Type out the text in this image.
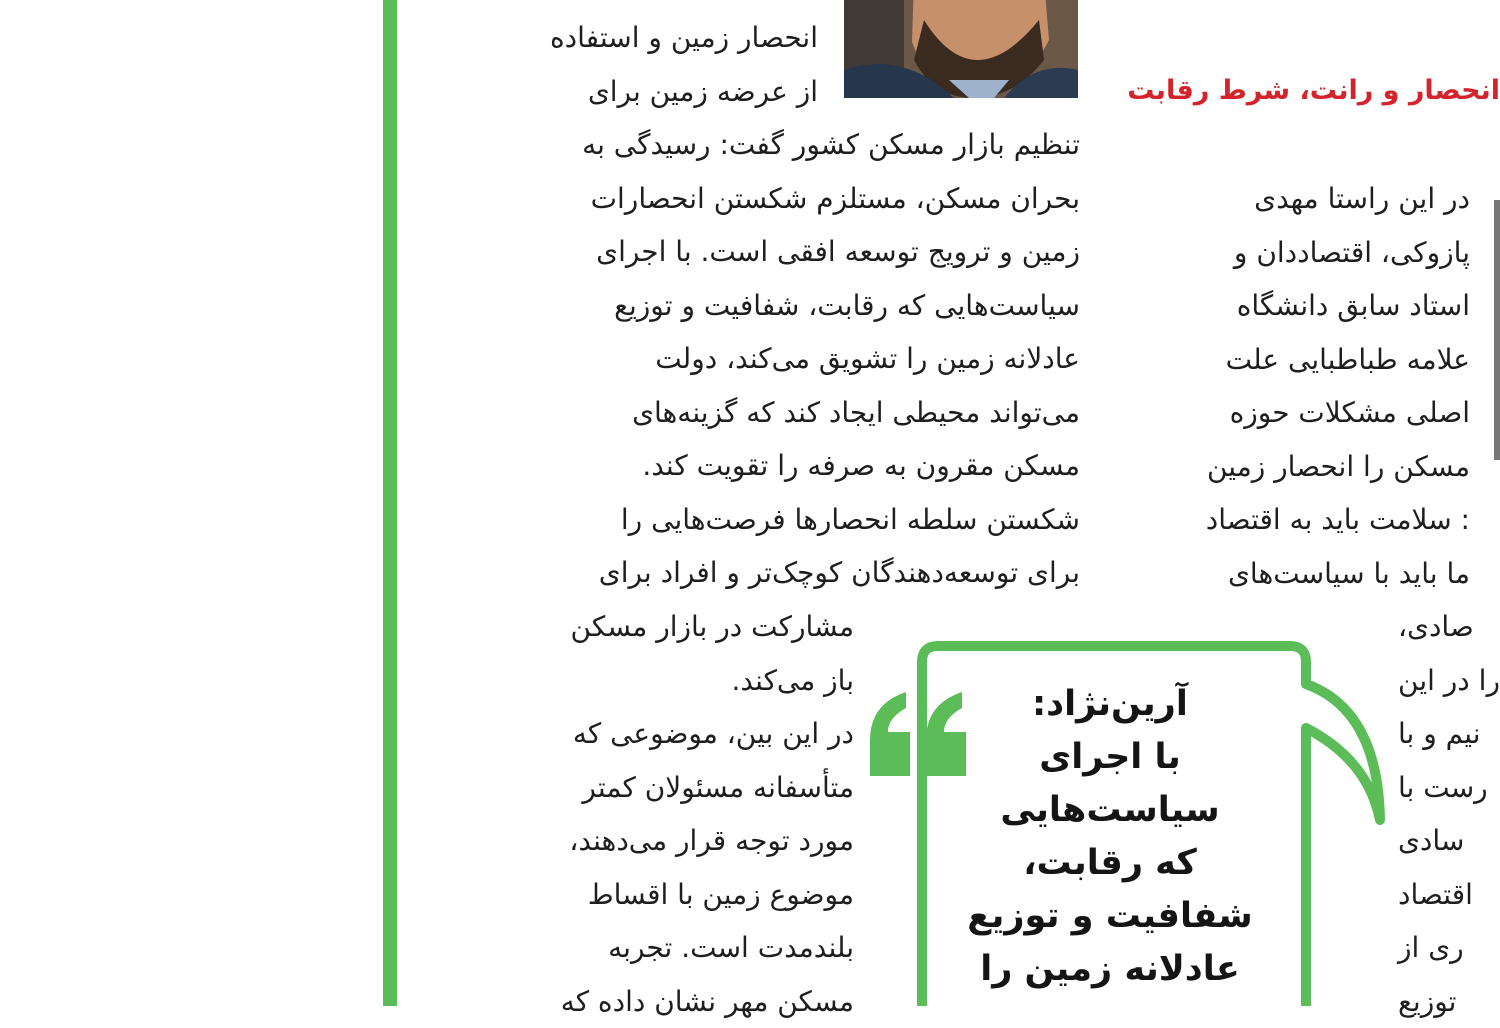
انحصار زمین و استفاده
از عرضه زمین برای
تنظیم بازار مسکن کشور گفت: رسیدگی به
بحران مسکن، مستلزم شکستن انحصارات
زمین و ترویج توسعه افقی است. با اجرای
سیاست‌هایی که رقابت، شفافیت و توزیع
عادلانه زمین را تشویق می‌کند، دولت
می‌تواند محیطی ایجاد کند که گزینه‌های
مسکن مقرون به صرفه را تقویت کند.
شکستن سلطه انحصارها فرصت‌هایی را
برای توسعه‌دهندگان کوچک‌تر و افراد برای
مشارکت در بازار مسکن
باز می‌کند.
در این بین، موضوعی که
متأسفانه مسئولان کمتر
مورد توجه قرار می‌دهند،
موضوع زمین با اقساط
بلندمدت است. تجربه
مسکن مهر نشان داده که
انحصار و رانت، شرط رقابت
در این راستا مهدی
پازوکی، اقتصاددان و
استاد سابق دانشگاه
علامه طباطبایی علت
اصلی مشکلات حوزه
مسکن را انحصار زمین
: سلامت باید به اقتصاد
ما باید با سیاست‌های
صادی،
را در این
نیم و با
رست با
سادی
اقتصاد
ری از
توزیع
آرین‌نژاد:
با اجرای
سیاست‌هایی
که رقابت،
شفافیت و توزیع
عادلانه زمین را
